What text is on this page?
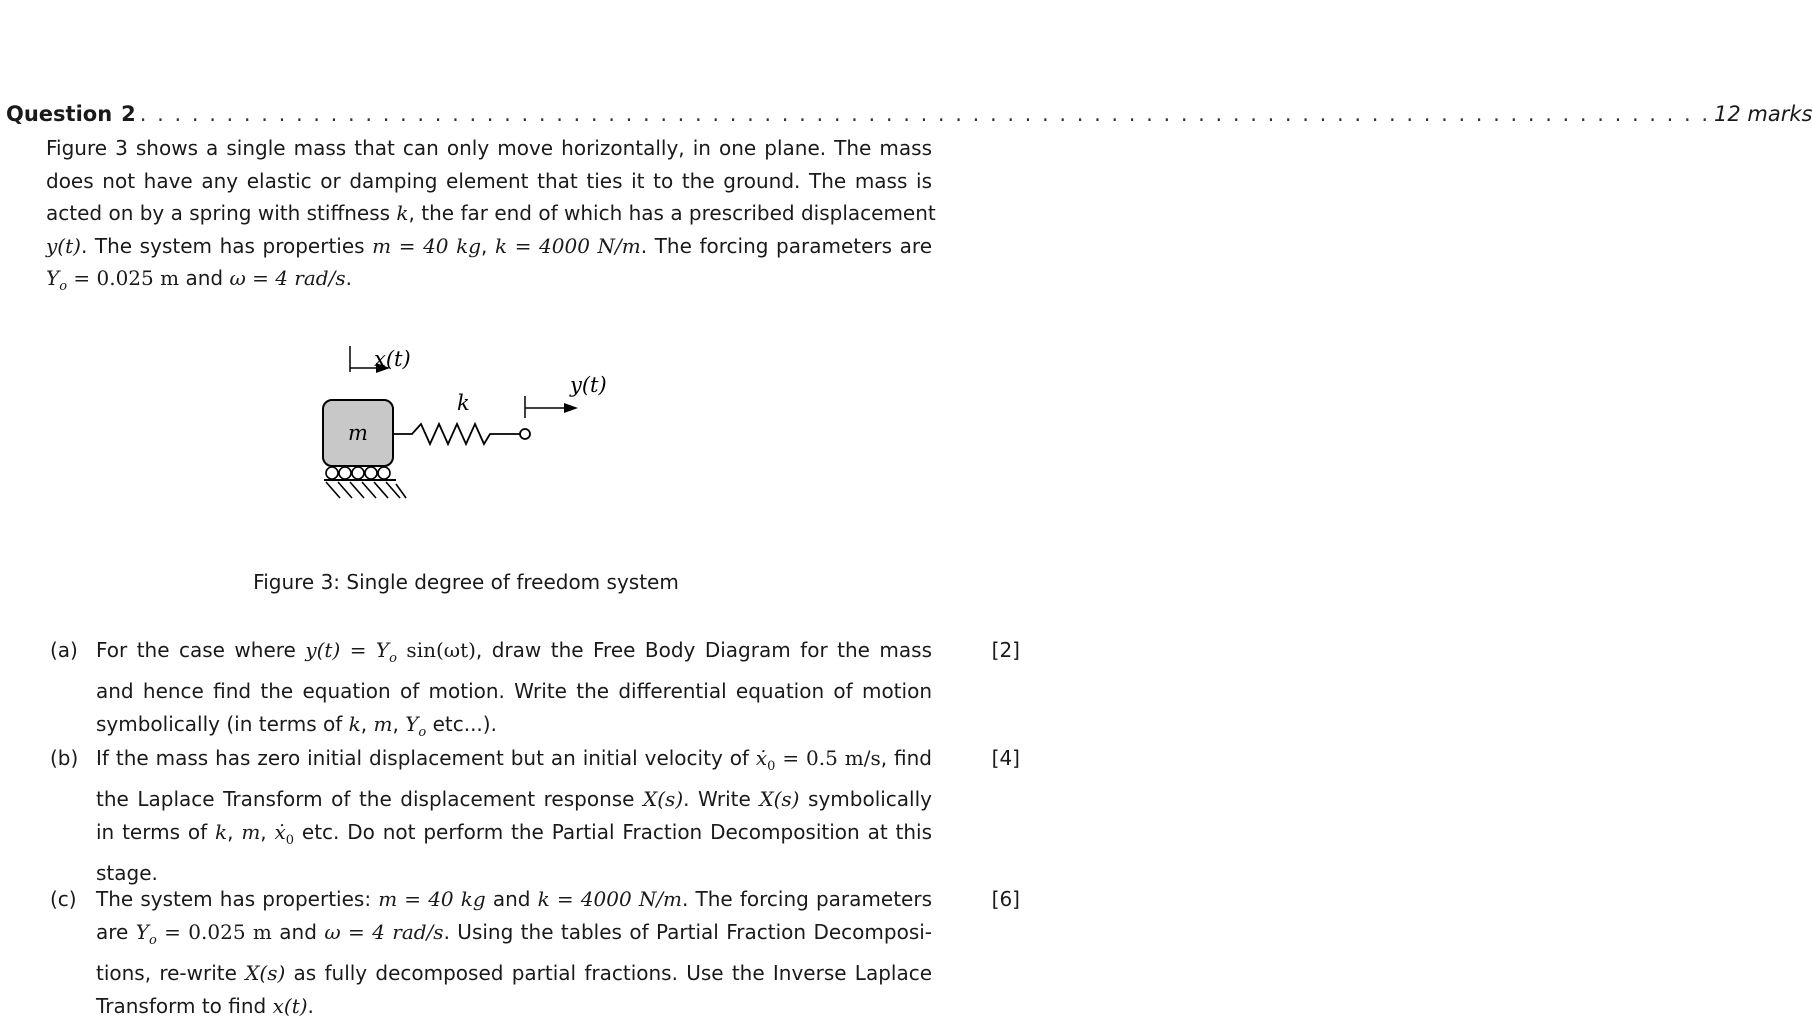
Question 2 . . . . . . . . . . . . . . . . . . . . . . . . . . . . . . . . . . . . . . . . . . . . . . . . . . . . . . . . . . . . . . . . . . . . . . . . . . . . . . . . . . . . . . . . . . . 12 marks
Figure 3 shows a single mass that can only move horizontally, in one plane. The mass
does not have any elastic or damping element that ties it to the ground. The mass is
acted on by a spring with stiffness k, the far end of which has a prescribed displacement
y(t). The system has properties m = 40 kg, k = 4000 N/m. The forcing parameters are
$Y_o = 0.025$ m and ω = 4 rad/s.
x(t)
y(t)
m
k
Figure 3: Single degree of freedom system
(a) For the case where $y(t) = Y_o$ sin(ωt), draw the Free Body Diagram for the mass
and hence find the equation of motion. Write the differential equation of motion
symbolically (in terms of k, m, $Y_o$ etc...).
[2]
(b) If the mass has zero initial displacement but an initial velocity of ẋ$_0$ = 0.5 m/s, find
the Laplace Transform of the displacement response X(s). Write X(s) symbolically
in terms of k, m, ẋ$_0$ etc. Do not perform the Partial Fraction Decomposition at this
stage.
[4]
(c) The system has properties: m = 40 kg and k = 4000 N/m. The forcing parameters
are $Y_o = 0.025$ m and ω = 4 rad/s. Using the tables of Partial Fraction Decomposi-
tions, re-write X(s) as fully decomposed partial fractions. Use the Inverse Laplace
Transform to find x(t).
[6]
